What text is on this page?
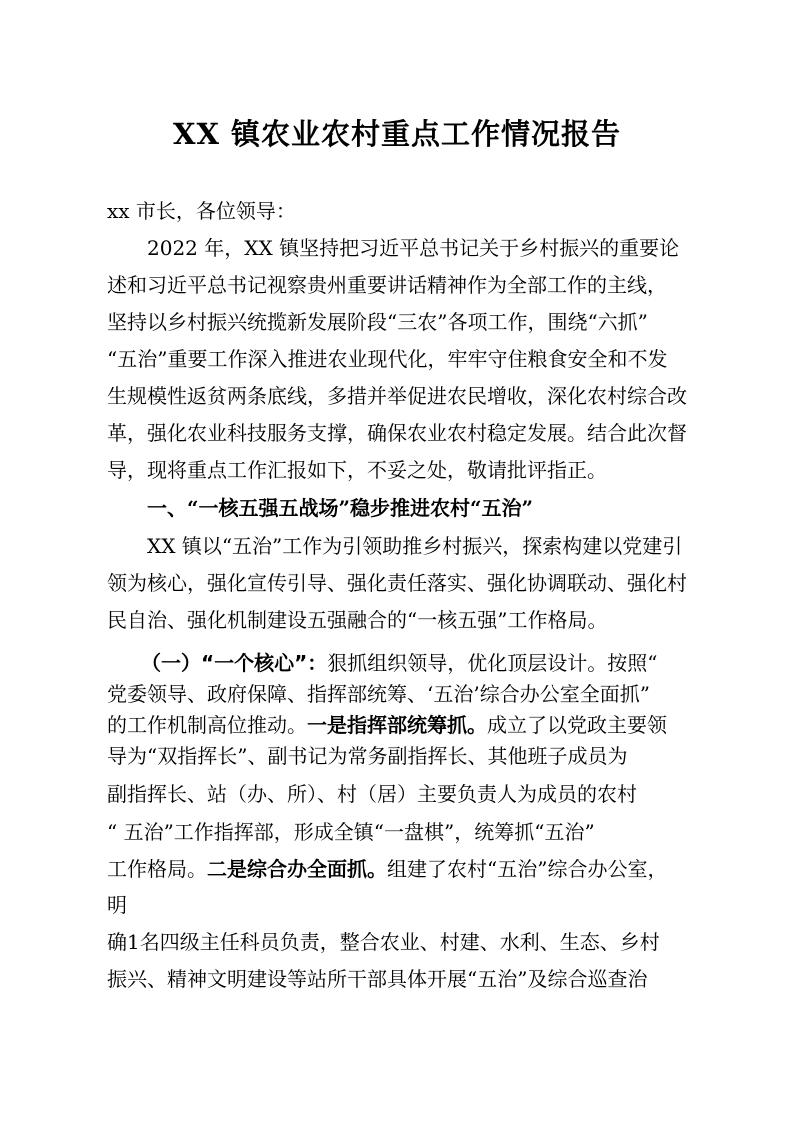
XX 镇农业农村重点工作情况报告
xx 市长，各位领导：
2022 年，XX 镇坚持把习近平总书记关于乡村振兴的重要论
述和习近平总书记视察贵州重要讲话精神作为全部工作的主线，
坚持以乡村振兴统揽新发展阶段“三农”各项工作，围绕“六抓”
“五治”重要工作深入推进农业现代化，牢牢守住粮食安全和不发
生规模性返贫两条底线，多措并举促进农民增收，深化农村综合改
革，强化农业科技服务支撑，确保农业农村稳定发展。结合此次督
导，现将重点工作汇报如下，不妥之处，敬请批评指正。
一、“一核五强五战场”稳步推进农村“五治”
XX 镇以“五治”工作为引领助推乡村振兴，探索构建以党建引
领为核心，强化宣传引导、强化责任落实、强化协调联动、强化村
民自治、强化机制建设五强融合的“一核五强”工作格局。
（一）“一个核心”：狠抓组织领导，优化顶层设计。按照“
党委领导、政府保障、指挥部统筹、‘五治’综合办公室全面抓”
的工作机制高位推动。一是指挥部统筹抓。成立了以党政主要领
导为“双指挥长”、副书记为常务副指挥长、其他班子成员为
副指挥长、站（办、所）、村（居）主要负责人为成员的农村
“ 五治”工作指挥部，形成全镇“一盘棋”，统筹抓“五治”
工作格局。二是综合办全面抓。组建了农村“五治”综合办公室，
明
确1名四级主任科员负责，整合农业、村建、水利、生态、乡村
振兴、精神文明建设等站所干部具体开展“五治”及综合巡查治
